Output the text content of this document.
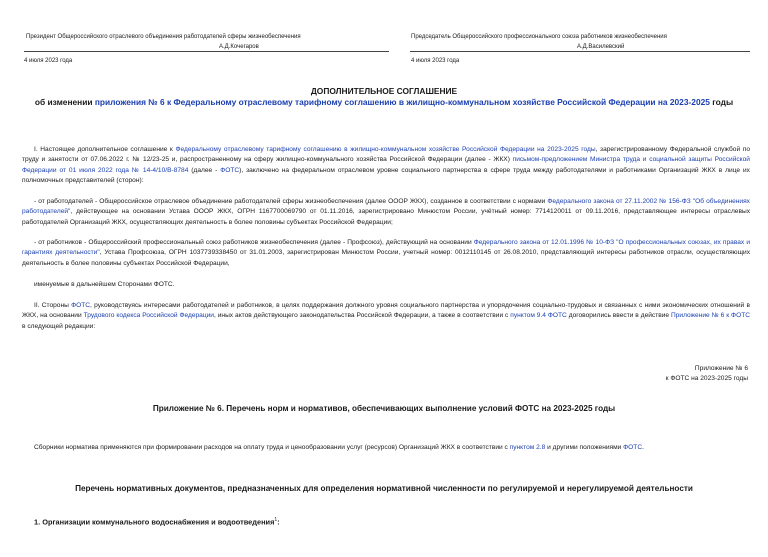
Президент Общероссийского отраслевого объединения работодателей сферы жизнеобеспечения
А.Д.Кочегаров
4 июля 2023 года
Председатель Общероссийского профессионального союза работников жизнеобеспечения
А.Д.Василевский
4 июля 2023 года
ДОПОЛНИТЕЛЬНОЕ СОГЛАШЕНИЕ
об изменении приложения № 6 к Федеральному отраслевому тарифному соглашению в жилищно-коммунальном хозяйстве Российской Федерации на 2023-2025 годы
I. Настоящее дополнительное соглашение к Федеральному отраслевому тарифному соглашению в жилищно-коммунальном хозяйстве Российской Федерации на 2023-2025 годы, зарегистрированному Федеральной службой по труду и занятости от 07.06.2022 г. № 12/23-25 и, распространенному на сферу жилищно-коммунального хозяйства Российской Федерации (далее - ЖКХ) письмом-предложением Министра труда и социальной защиты Российской Федерации от 01 июля 2022 года № 14-4/10/В-8784 (далее - ФОТС), заключено на федеральном отраслевом уровне социального партнерства в сфере труда между работодателями и работниками Организаций ЖКХ в лице их полномочных представителей (сторон):
- от работодателей - Общероссийское отраслевое объединение работодателей сферы жизнеобеспечения (далее ОООР ЖКХ), созданное в соответствии с нормами Федерального закона от 27.11.2002 № 156-ФЗ "Об объединениях работодателей", действующее на основании Устава ОООР ЖКХ, ОГРН 1167700069790 от 01.11.2016, зарегистрировано Минюстом России, учётный номер: 7714120011 от 09.11.2016, представляющее интересы отраслевых работодателей Организаций ЖКХ, осуществляющих деятельность в более половины субъектах Российской Федерации;
- от работников - Общероссийский профессиональный союз работников жизнеобеспечения (далее - Профсоюз), действующий на основании Федерального закона от 12.01.1996 № 10-ФЗ "О профессиональных союзах, их правах и гарантиях деятельности", Устава Профсоюза, ОГРН 1037739338450 от 31.01.2003, зарегистрирован Минюстом России, учетный номер: 0012110145 от 26.08.2010, представляющий интересы работников отрасли, осуществляющих деятельность в более половины субъектах Российской Федерации,
именуемые в дальнейшем Сторонами ФОТС.
II. Стороны ФОТС, руководствуясь интересами работодателей и работников, в целях поддержания должного уровня социального партнерства и упорядочения социально-трудовых и связанных с ними экономических отношений в ЖКХ, на основании Трудового кодекса Российской Федерации, иных актов действующего законодательства Российской Федерации, а также в соответствии с пунктом 9.4 ФОТС договорились ввести в действие Приложение № 6 к ФОТС в следующей редакции:
Приложение № 6
к ФОТС на 2023-2025 годы
Приложение № 6. Перечень норм и нормативов, обеспечивающих выполнение условий ФОТС на 2023-2025 годы
Сборники норматива применяются при формировании расходов на оплату труда и ценообразовании услуг (ресурсов) Организаций ЖКХ в соответствии с пунктом 2.8 и другими положениями ФОТС.
Перечень нормативных документов, предназначенных для определения нормативной численности по регулируемой и нерегулируемой деятельности
1. Организации коммунального водоснабжения и водоотведения$^1$:
